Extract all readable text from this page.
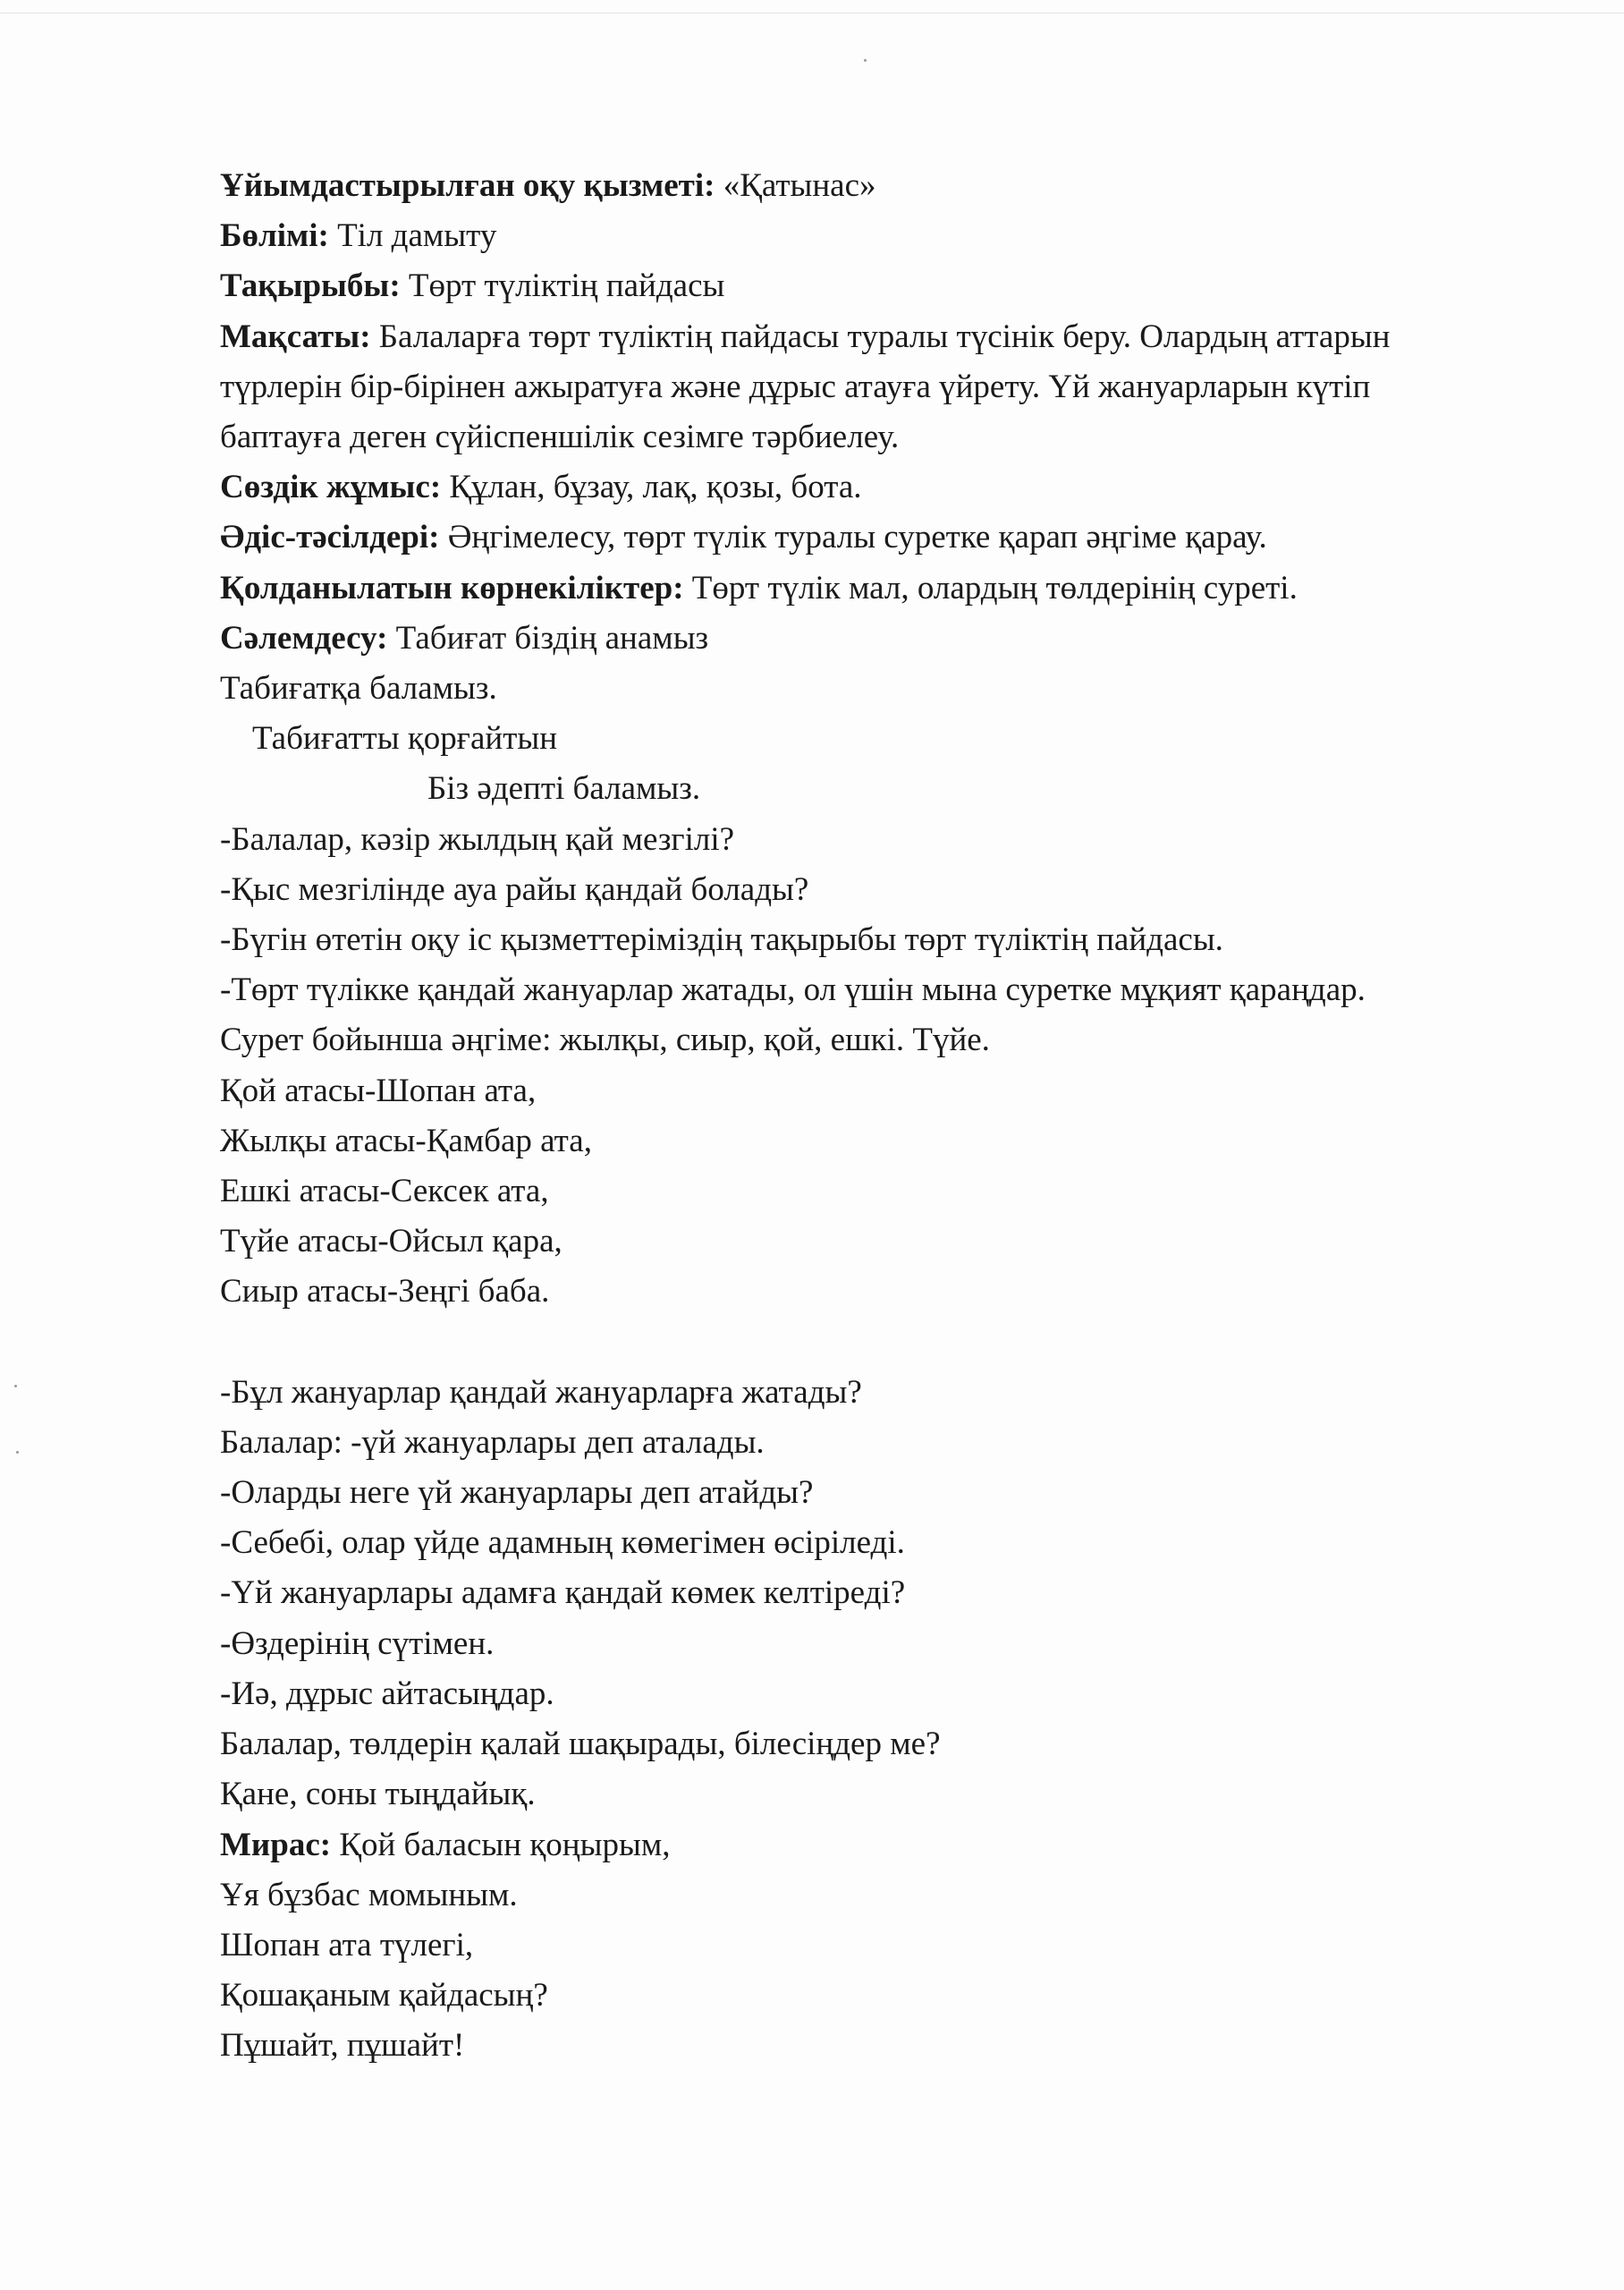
Ұйымдастырылған оқу қызметі: «Қатынас»

Бөлімі: Тіл дамыту

Тақырыбы: Төрт түліктің пайдасы

Мақсаты: Балаларға төрт түліктің пайдасы туралы түсінік беру. Олардың аттарын түрлерін бір-бірінен ажыратуға және дұрыс атауға үйрету. Үй жануарларын күтіп баптауға деген сүйіспеншілік сезімге тәрбиелеу.

Сөздік жұмыс: Құлан, бұзау, лақ, қозы, бота.

Әдіс-тәсілдері: Әңгімелесу, төрт түлік туралы суретке қарап әңгіме қарау.

Қолданылатын көрнекіліктер: Төрт түлік мал, олардың төлдерінің суреті.

Сәлемдесу: Табиғат біздің анамыз

Табиғатқа баламыз.

Табиғатты қорғайтын

Біз әдепті баламыз.

-Балалар, кәзір жылдың қай мезгілі?

-Қыс мезгілінде ауа райы қандай болады?

-Бүгін өтетін оқу іс қызметтеріміздің тақырыбы төрт түліктің пайдасы.

-Төрт түлікке қандай жануарлар жатады, ол үшін мына суретке мұқият қараңдар.

Сурет бойынша әңгіме: жылқы, сиыр, қой, ешкі. Түйе.

Қой атасы-Шопан ата,

Жылқы атасы-Қамбар ата,

Ешкі атасы-Сексек ата,

Түйе атасы-Ойсыл қара,

Сиыр атасы-Зеңгі баба.

-Бұл жануарлар қандай жануарларға жатады?

Балалар: -үй жануарлары деп аталады.

-Оларды неге үй жануарлары деп атайды?

-Себебі, олар үйде адамның көмегімен өсіріледі.

-Үй жануарлары адамға қандай көмек келтіреді?

-Өздерінің сүтімен.

-Иә, дұрыс айтасыңдар.

Балалар, төлдерін қалай шақырады, білесіңдер ме?

Қане, соны тыңдайық.

Мирас: Қой баласын қоңырым,

Ұя бұзбас момыным.

Шопан ата түлегі,

Қошақаным қайдасың?

Пұшайт, пұшайт!
